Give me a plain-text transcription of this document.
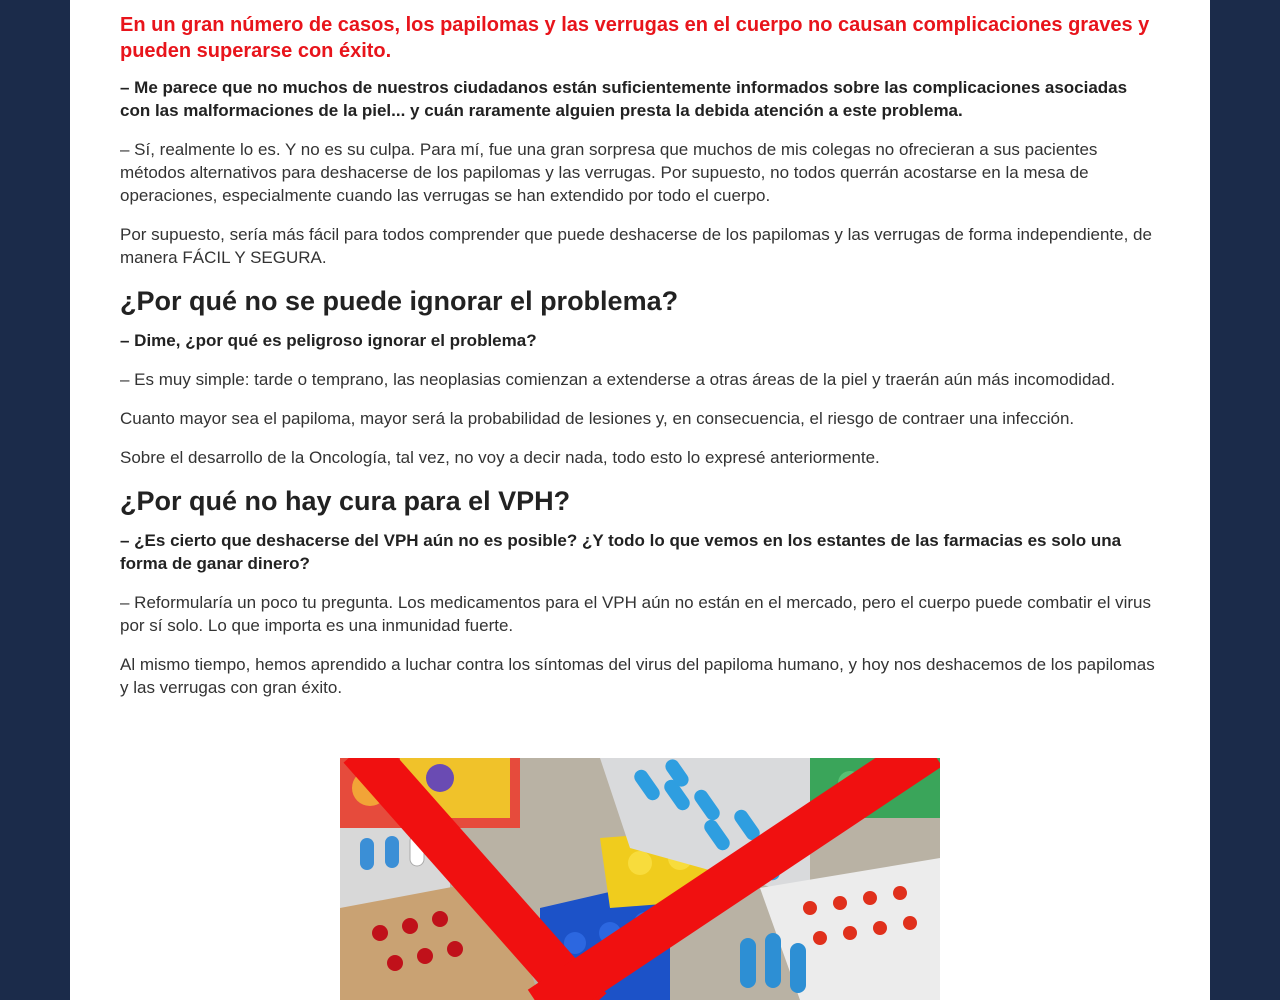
En un gran número de casos, los papilomas y las verrugas en el cuerpo no causan complicaciones graves y pueden superarse con éxito.

– Me parece que no muchos de nuestros ciudadanos están suficientemente informados sobre las complicaciones asociadas con las malformaciones de la piel... y cuán raramente alguien presta la debida atención a este problema.

– Sí, realmente lo es. Y no es su culpa. Para mí, fue una gran sorpresa que muchos de mis colegas no ofrecieran a sus pacientes métodos alternativos para deshacerse de los papilomas y las verrugas. Por supuesto, no todos querrán acostarse en la mesa de operaciones, especialmente cuando las verrugas se han extendido por todo el cuerpo.

Por supuesto, sería más fácil para todos comprender que puede deshacerse de los papilomas y las verrugas de forma independiente, de manera FÁCIL Y SEGURA.

¿Por qué no se puede ignorar el problema?

– Dime, ¿por qué es peligroso ignorar el problema?

– Es muy simple: tarde o temprano, las neoplasias comienzan a extenderse a otras áreas de la piel y traerán aún más incomodidad.

Cuanto mayor sea el papiloma, mayor será la probabilidad de lesiones y, en consecuencia, el riesgo de contraer una infección.

Sobre el desarrollo de la Oncología, tal vez, no voy a decir nada, todo esto lo expresé anteriormente.

¿Por qué no hay cura para el VPH?

– ¿Es cierto que deshacerse del VPH aún no es posible? ¿Y todo lo que vemos en los estantes de las farmacias es solo una forma de ganar dinero?

– Reformularía un poco tu pregunta. Los medicamentos para el VPH aún no están en el mercado, pero el cuerpo puede combatir el virus por sí solo. Lo que importa es una inmunidad fuerte.

Al mismo tiempo, hemos aprendido a luchar contra los síntomas del virus del papiloma humano, y hoy nos deshacemos de los papilomas y las verrugas con gran éxito.
